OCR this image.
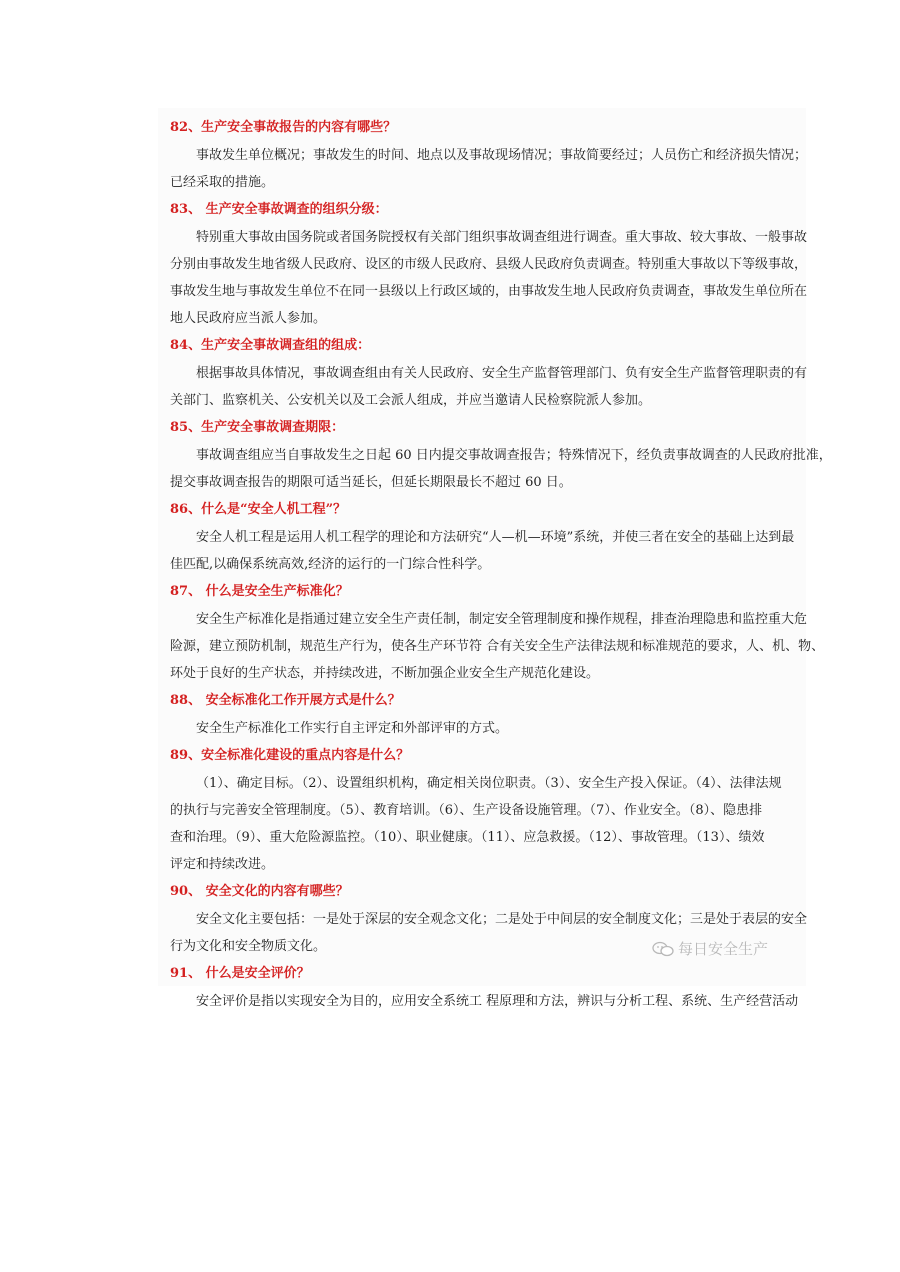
82、生产安全事故报告的内容有哪些？
事故发生单位概况；事故发生的时间、地点以及事故现场情况；事故简要经过；人员伤亡和经济损失情况；
已经采取的措施。
83、 生产安全事故调查的组织分级：
特别重大事故由国务院或者国务院授权有关部门组织事故调查组进行调查。重大事故、较大事故、一般事故
分别由事故发生地省级人民政府、设区的市级人民政府、县级人民政府负责调查。特别重大事故以下等级事故，
事故发生地与事故发生单位不在同一县级以上行政区域的，由事故发生地人民政府负责调查，事故发生单位所在
地人民政府应当派人参加。
84、生产安全事故调查组的组成：
根据事故具体情况，事故调查组由有关人民政府、安全生产监督管理部门、负有安全生产监督管理职责的有
关部门、监察机关、公安机关以及工会派人组成，并应当邀请人民检察院派人参加。
85、生产安全事故调查期限：
事故调查组应当自事故发生之日起 60 日内提交事故调查报告；特殊情况下，经负责事故调查的人民政府批准，
提交事故调查报告的期限可适当延长，但延长期限最长不超过 60 日。
86、什么是“安全人机工程”？
安全人机工程是运用人机工程学的理论和方法研究“人—机—环境”系统，并使三者在安全的基础上达到最
佳匹配,以确保系统高效,经济的运行的一门综合性科学。
87、 什么是安全生产标准化？
安全生产标准化是指通过建立安全生产责任制，制定安全管理制度和操作规程，排查治理隐患和监控重大危
险源，建立预防机制，规范生产行为，使各生产环节符 合有关安全生产法律法规和标准规范的要求，人、机、物、
环处于良好的生产状态，并持续改进，不断加强企业安全生产规范化建设。
88、 安全标准化工作开展方式是什么？
安全生产标准化工作实行自主评定和外部评审的方式。
89、安全标准化建设的重点内容是什么？
（1）、确定目标。（2）、设置组织机构，确定相关岗位职责。（3）、安全生产投入保证。（4）、法律法规
的执行与完善安全管理制度。（5）、教育培训。（6）、生产设备设施管理。（7）、作业安全。（8）、隐患排
查和治理。（9）、重大危险源监控。（10）、职业健康。（11）、应急救援。（12）、事故管理。（13）、绩效
评定和持续改进。
90、 安全文化的内容有哪些？
安全文化主要包括：一是处于深层的安全观念文化；二是处于中间层的安全制度文化；三是处于表层的安全
行为文化和安全物质文化。
91、 什么是安全评价？
安全评价是指以实现安全为目的，应用安全系统工 程原理和方法，辨识与分析工程、系统、生产经营活动
每日安全生产
